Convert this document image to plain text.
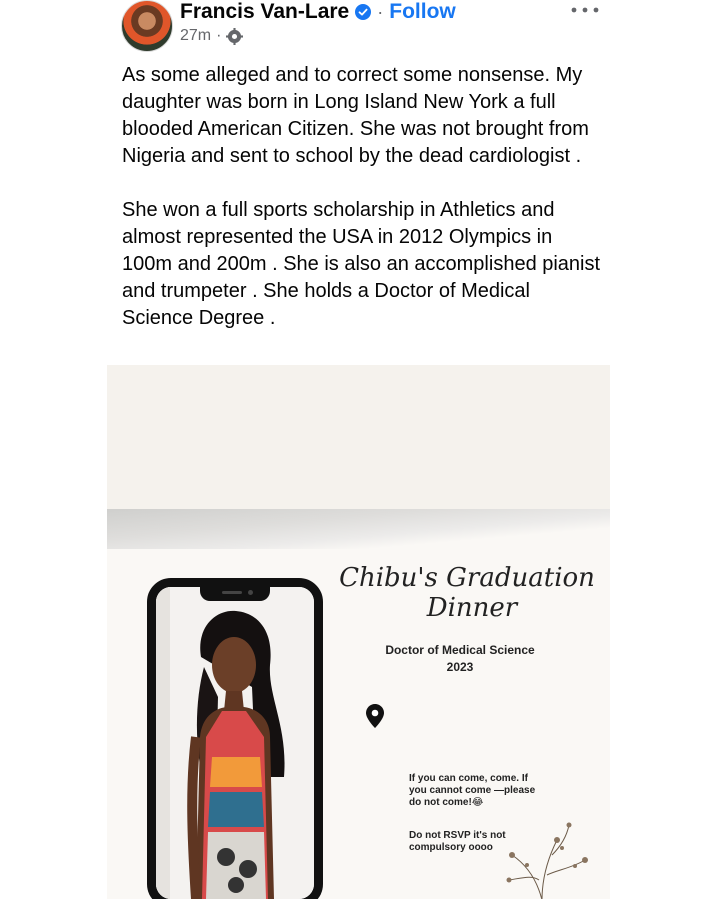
Francis Van-Lare · Follow
27m ·

As some alleged and to correct some nonsense. My daughter was born in Long Island New York a full blooded American Citizen. She was not brought from Nigeria and sent to school by the dead cardiologist .

She won a full sports scholarship in Athletics and almost represented the USA in 2012 Olympics in 100m and 200m . She is also an accomplished pianist and trumpeter . She holds a Doctor of Medical Science Degree .

Chibu's Graduation
Dinner
Doctor of Medical Science
2023
If you can come, come. If you cannot come —please do not come!😂
Do not RSVP it's not compulsory oooo
